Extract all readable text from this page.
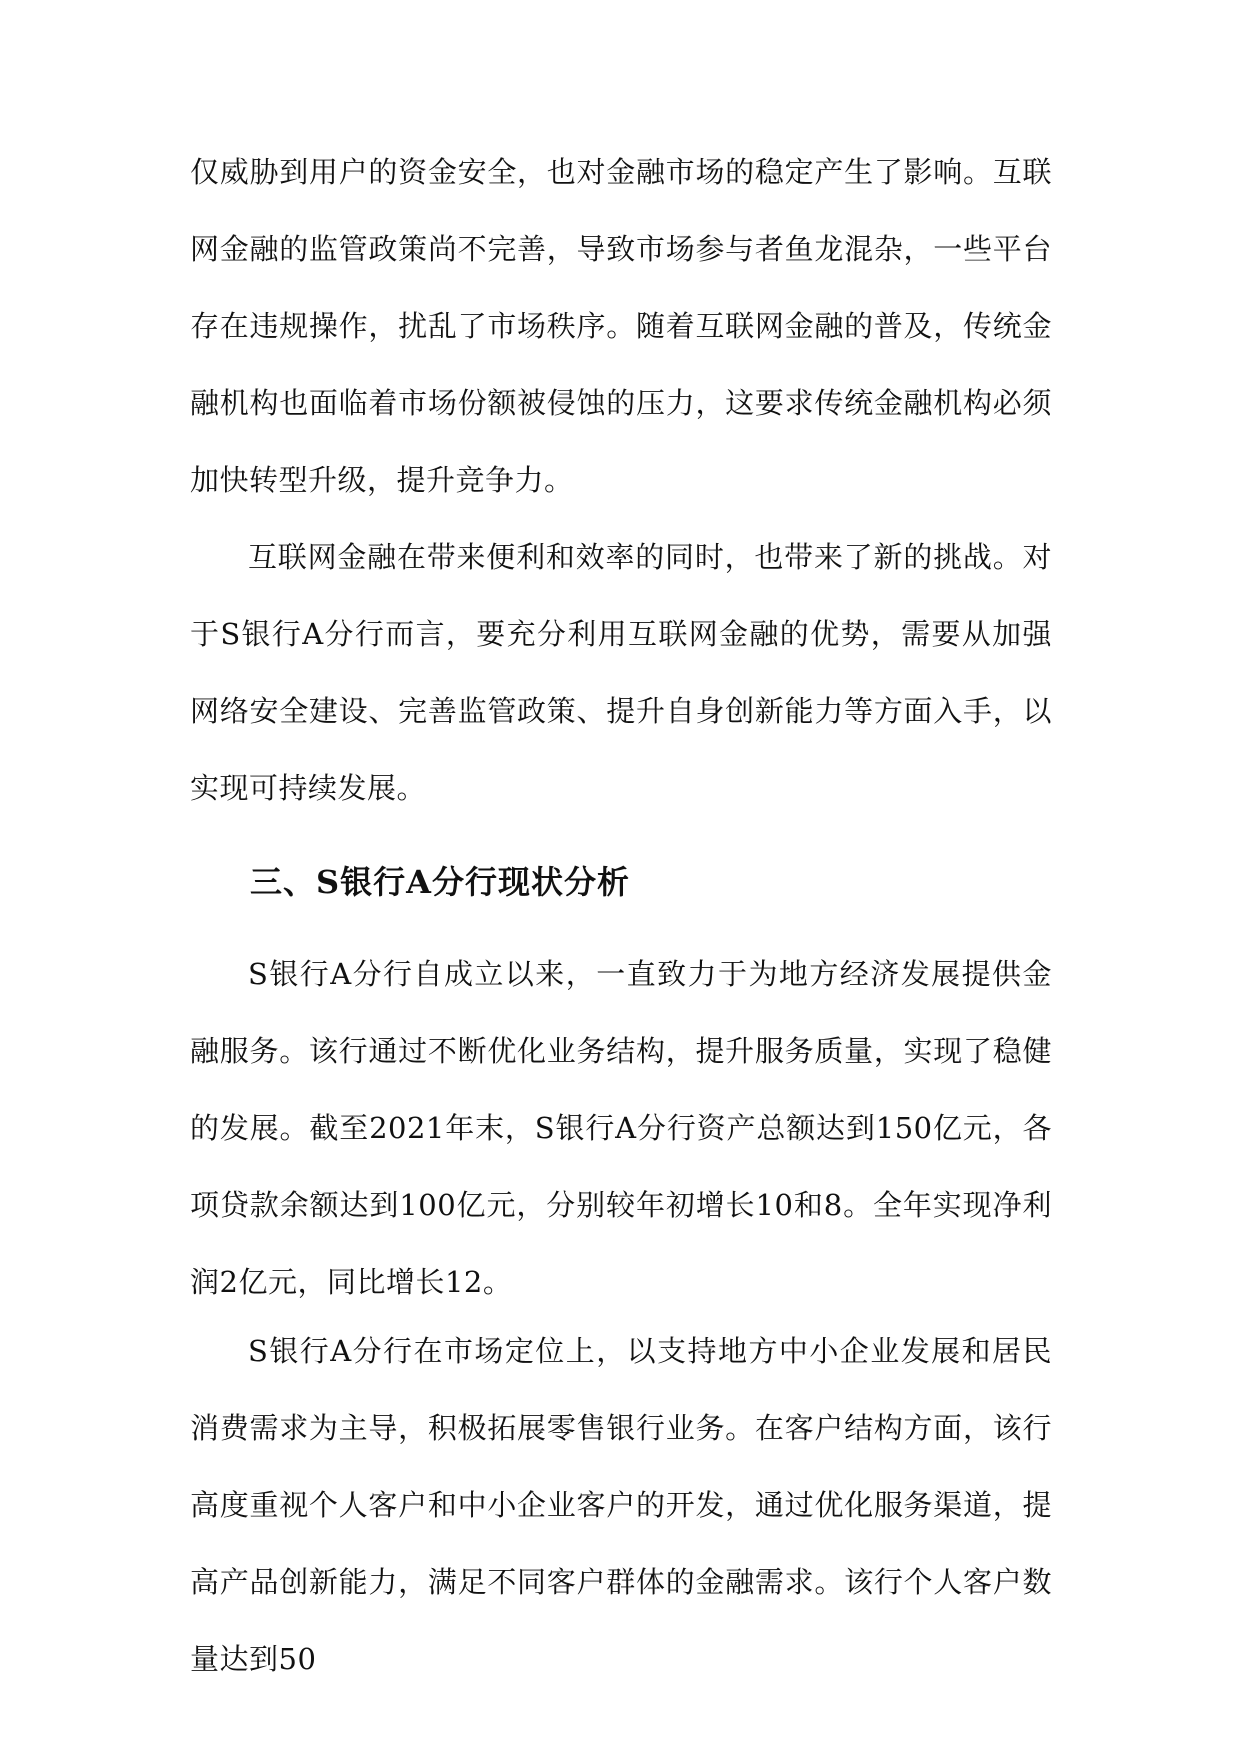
仅威胁到用户的资金安全，也对金融市场的稳定产生了影响。互联网金融的监管政策尚不完善，导致市场参与者鱼龙混杂，一些平台存在违规操作，扰乱了市场秩序。随着互联网金融的普及，传统金融机构也面临着市场份额被侵蚀的压力，这要求传统金融机构必须加快转型升级，提升竞争力。

互联网金融在带来便利和效率的同时，也带来了新的挑战。对于S银行A分行而言，要充分利用互联网金融的优势，需要从加强网络安全建设、完善监管政策、提升自身创新能力等方面入手，以实现可持续发展。

三、S银行A分行现状分析

S银行A分行自成立以来，一直致力于为地方经济发展提供金融服务。该行通过不断优化业务结构，提升服务质量，实现了稳健的发展。截至2021年末，S银行A分行资产总额达到150亿元，各项贷款余额达到100亿元，分别较年初增长10和8。全年实现净利润2亿元，同比增长12。

S银行A分行在市场定位上，以支持地方中小企业发展和居民消费需求为主导，积极拓展零售银行业务。在客户结构方面，该行高度重视个人客户和中小企业客户的开发，通过优化服务渠道，提高产品创新能力，满足不同客户群体的金融需求。该行个人客户数量达到50
